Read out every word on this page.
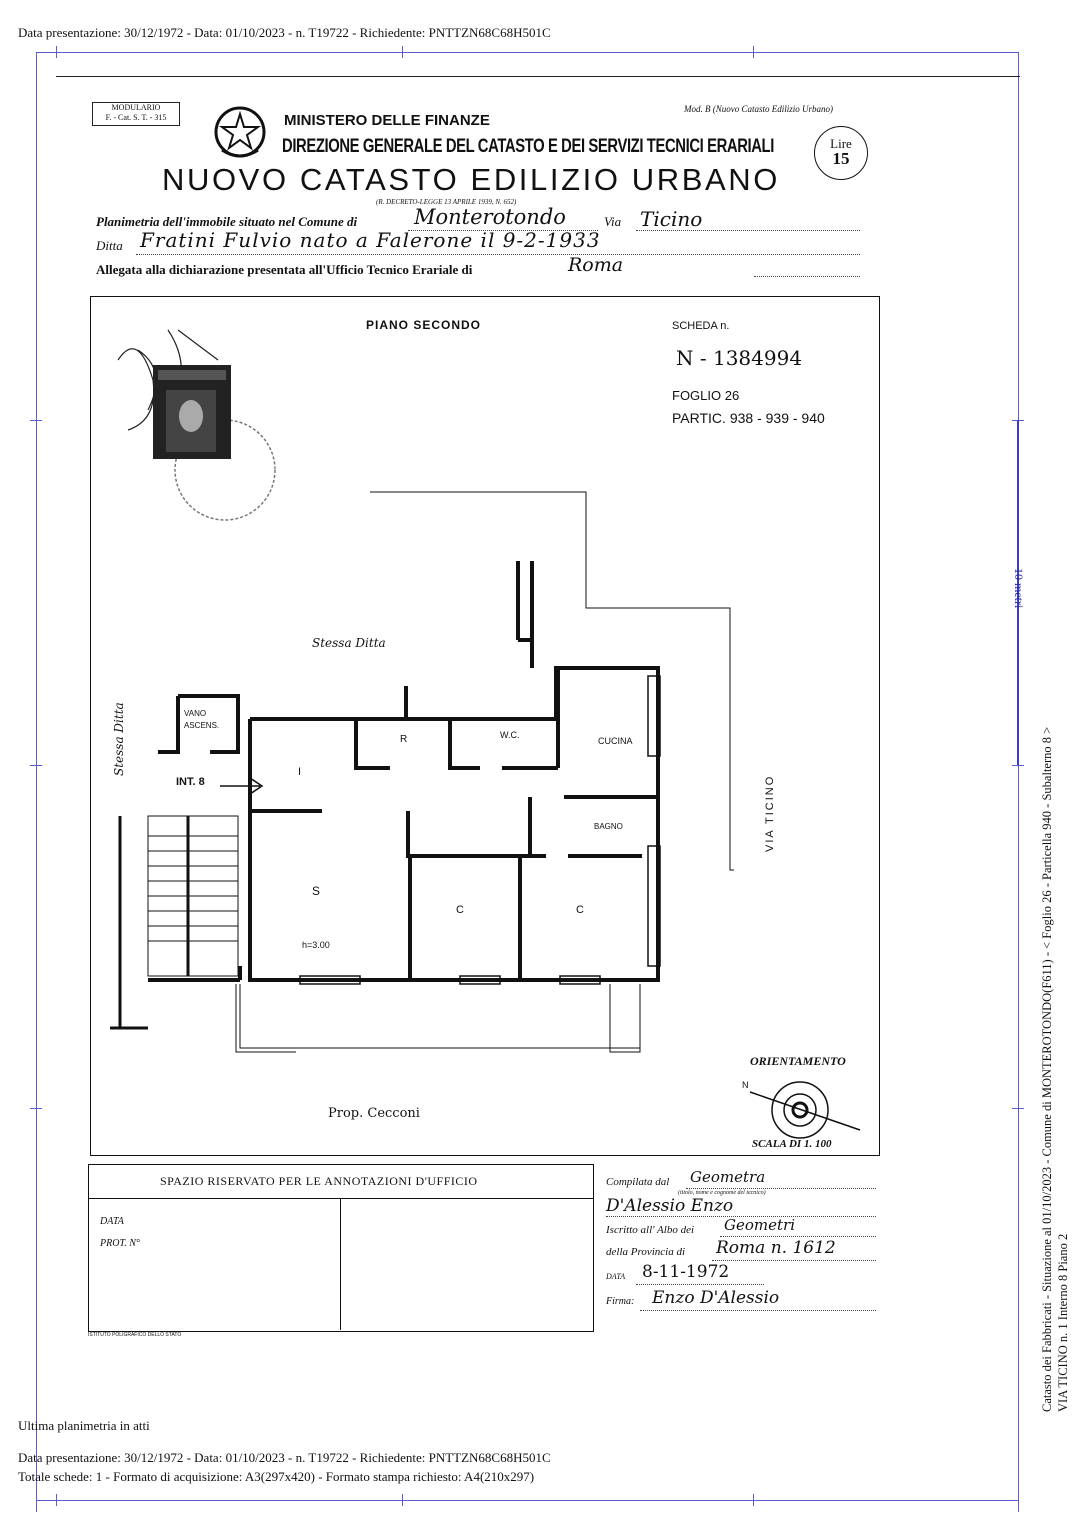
Data presentazione: 30/12/1972 - Data: 01/10/2023 - n. T19722 - Richiedente: PNTTZN68C68H501C
MODULARIO
F. - Cat. S. T. - 315	MINISTERO DELLE FINANZE
Mod. B (Nuovo Catasto Edilizio Urbano)
DIREZIONE GENERALE DEL CATASTO E DEI SERVIZI TECNICI ERARIALI	Lire
15
NUOVO CATASTO EDILIZIO URBANO
(R. DECRETO-LEGGE 13 APRILE 1939, N. 652)
Planimetria dell'immobile situato nel Comune di	Monterotondo	Via Ticino
Ditta Fratini Fulvio nato a Falerone il 9-2-1933
Allegata alla dichiarazione presentata all'Ufficio Tecnico Erariale di	Roma
PIANO SECONDO	SCHEDA n.
N - 1384994
FOGLIO 26
PARTIC. 938 - 939 - 940
Stessa Ditta
Stessa Ditta	VANO ASCENS.
INT. 8
I
R	W.C.
CUCINA
BAGNO
S
C	C
h=3.00
VIA TICINO
Prop. Cecconi
ORIENTAMENTO
N
SCALA DI 1. 100
SPAZIO RISERVATO PER LE ANNOTAZIONI D'UFFICIO
DATA
PROT. N°
ISTITUTO POLIGRAFICO DELLO STATO
Compilata dal Geometra
(titolo, nome e cognome del tecnico)
D'Alessio Enzo
Iscritto all' Albo dei Geometri
della Provincia di Roma n. 1612
DATA 8-11-1972
Firma: Enzo D'Alessio
10 metri
Catasto dei Fabbricati - Situazione al 01/10/2023 - Comune di MONTEROTONDO(F611) - < Foglio 26 - Particella 940 - Subalterno 8 > VIA TICINO n. 1 Interno 8 Piano 2
Ultima planimetria in atti
Data presentazione: 30/12/1972 - Data: 01/10/2023 - n. T19722 - Richiedente: PNTTZN68C68H501C
Totale schede: 1 - Formato di acquisizione: A3(297x420) - Formato stampa richiesto: A4(210x297)
